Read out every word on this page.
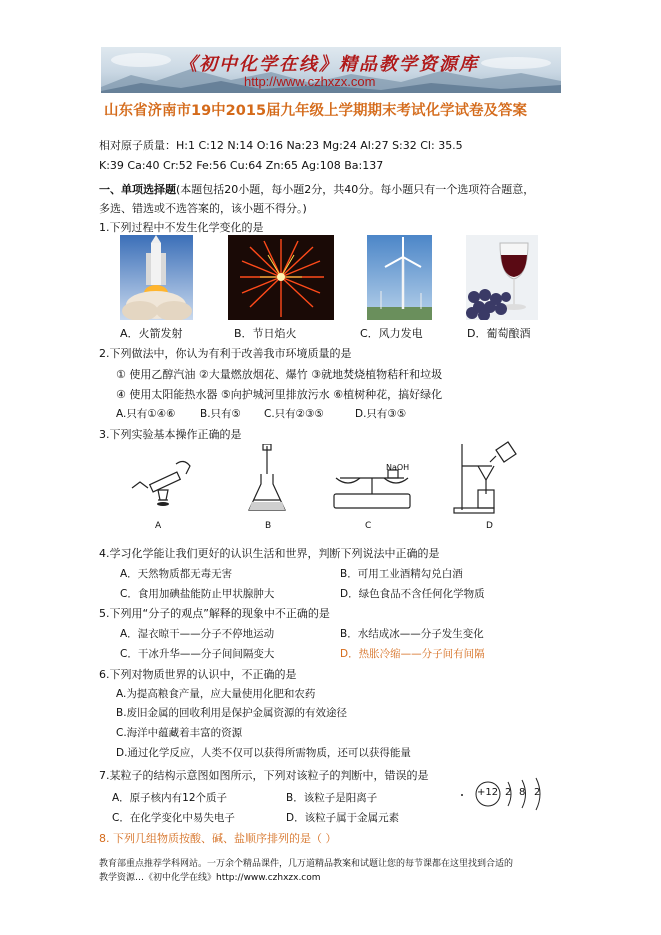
《初中化学在线》精品教学资源库
http://www.czhxzx.com
山东省济南市19中2015届九年级上学期期末考试化学试卷及答案
相对原子质量：H:1 C:12 N:14 O:16 Na:23 Mg:24 Al:27 S:32 Cl: 35.5
K:39 Ca:40 Cr:52 Fe:56 Cu:64 Zn:65 Ag:108 Ba:137
一、单项选择题(本题包括20小题，每小题2分，共40分。每小题只有一个选项符合题意，
多选、错选或不选答案的，该小题不得分。)
1.下列过程中不发生化学变化的是
A．火箭发射	B．节日焰火	C．风力发电	D．葡萄酿酒
2.下列做法中，你认为有利于改善我市环境质量的是
① 使用乙醇汽油 ②大量燃放烟花、爆竹 ③就地焚烧植物秸秆和垃圾
④ 使用太阳能热水器 ⑤向护城河里排放污水 ⑥植树种花，搞好绿化
A.只有①④⑥ B.只有⑤ C.只有②③⑤	D.只有③⑤
3.下列实验基本操作正确的是
A	B
NaOH
C	D
4.学习化学能让我们更好的认识生活和世界，判断下列说法中正确的是
A．天然物质都无毒无害	B．可用工业酒精勾兑白酒
C．食用加碘盐能防止甲状腺肿大	D．绿色食品不含任何化学物质
5.下列用“分子的观点”解释的现象中不正确的是
A．湿衣晾干——分子不停地运动	B．水结成冰——分子发生变化
C．干冰升华——分子间间隔变大	D．热胀冷缩——分子间有间隔
6.下列对物质世界的认识中，不正确的是
A.为提高粮食产量，应大量使用化肥和农药
B.废旧金属的回收利用是保护金属资源的有效途径
C.海洋中蕴藏着丰富的资源
D.通过化学反应，人类不仅可以获得所需物质，还可以获得能量
7.某粒子的结构示意图如图所示，下列对该粒子的判断中，错误的是
A．原子核内有12个质子	B．该粒子是阳离子
C．在化学变化中易失电子	D．该粒子属于金属元素
+12 2 8 2
8. 下列几组物质按酸、碱、盐顺序排列的是（ ）
教育部重点推荐学科网站。一万余个精品课件，几万道精品教案和试题让您的每节课都在这里找到合适的
教学资源…《初中化学在线》http://www.czhxzx.com
